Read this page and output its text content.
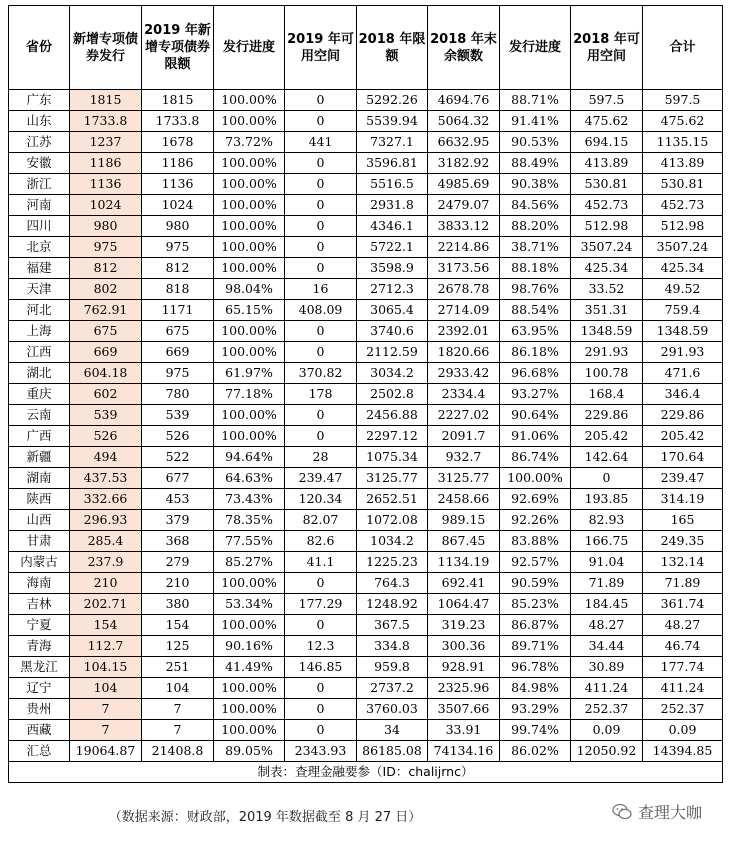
省份	新增专项债券发行	2019 年新增专项债券限额	发行进度	2019 年可用空间	2018 年限额	2018 年末余额数	发行进度	2018 年可用空间	合计
广东	1815	1815	100.00%	0	5292.26	4694.76	88.71%	597.5	597.5
山东	1733.8	1733.8	100.00%	0	5539.94	5064.32	91.41%	475.62	475.62
江苏	1237	1678	73.72%	441	7327.1	6632.95	90.53%	694.15	1135.15
安徽	1186	1186	100.00%	0	3596.81	3182.92	88.49%	413.89	413.89
浙江	1136	1136	100.00%	0	5516.5	4985.69	90.38%	530.81	530.81
河南	1024	1024	100.00%	0	2931.8	2479.07	84.56%	452.73	452.73
四川	980	980	100.00%	0	4346.1	3833.12	88.20%	512.98	512.98
北京	975	975	100.00%	0	5722.1	2214.86	38.71%	3507.24	3507.24
福建	812	812	100.00%	0	3598.9	3173.56	88.18%	425.34	425.34
天津	802	818	98.04%	16	2712.3	2678.78	98.76%	33.52	49.52
河北	762.91	1171	65.15%	408.09	3065.4	2714.09	88.54%	351.31	759.4
上海	675	675	100.00%	0	3740.6	2392.01	63.95%	1348.59	1348.59
江西	669	669	100.00%	0	2112.59	1820.66	86.18%	291.93	291.93
湖北	604.18	975	61.97%	370.82	3034.2	2933.42	96.68%	100.78	471.6
重庆	602	780	77.18%	178	2502.8	2334.4	93.27%	168.4	346.4
云南	539	539	100.00%	0	2456.88	2227.02	90.64%	229.86	229.86
广西	526	526	100.00%	0	2297.12	2091.7	91.06%	205.42	205.42
新疆	494	522	94.64%	28	1075.34	932.7	86.74%	142.64	170.64
湖南	437.53	677	64.63%	239.47	3125.77	3125.77	100.00%	0	239.47
陕西	332.66	453	73.43%	120.34	2652.51	2458.66	92.69%	193.85	314.19
山西	296.93	379	78.35%	82.07	1072.08	989.15	92.26%	82.93	165
甘肃	285.4	368	77.55%	82.6	1034.2	867.45	83.88%	166.75	249.35
内蒙古	237.9	279	85.27%	41.1	1225.23	1134.19	92.57%	91.04	132.14
海南	210	210	100.00%	0	764.3	692.41	90.59%	71.89	71.89
吉林	202.71	380	53.34%	177.29	1248.92	1064.47	85.23%	184.45	361.74
宁夏	154	154	100.00%	0	367.5	319.23	86.87%	48.27	48.27
青海	112.7	125	90.16%	12.3	334.8	300.36	89.71%	34.44	46.74
黑龙江	104.15	251	41.49%	146.85	959.8	928.91	96.78%	30.89	177.74
辽宁	104	104	100.00%	0	2737.2	2325.96	84.98%	411.24	411.24
贵州	7	7	100.00%	0	3760.03	3507.66	93.29%	252.37	252.37
西藏	7	7	100.00%	0	34	33.91	99.74%	0.09	0.09
汇总	19064.87	21408.8	89.05%	2343.93	86185.08	74134.16	86.02%	12050.92	14394.85
制表：查理金融要参（ID：chalijrnc）									
（数据来源：财政部，2019 年数据截至 8 月 27 日）	查理大咖
